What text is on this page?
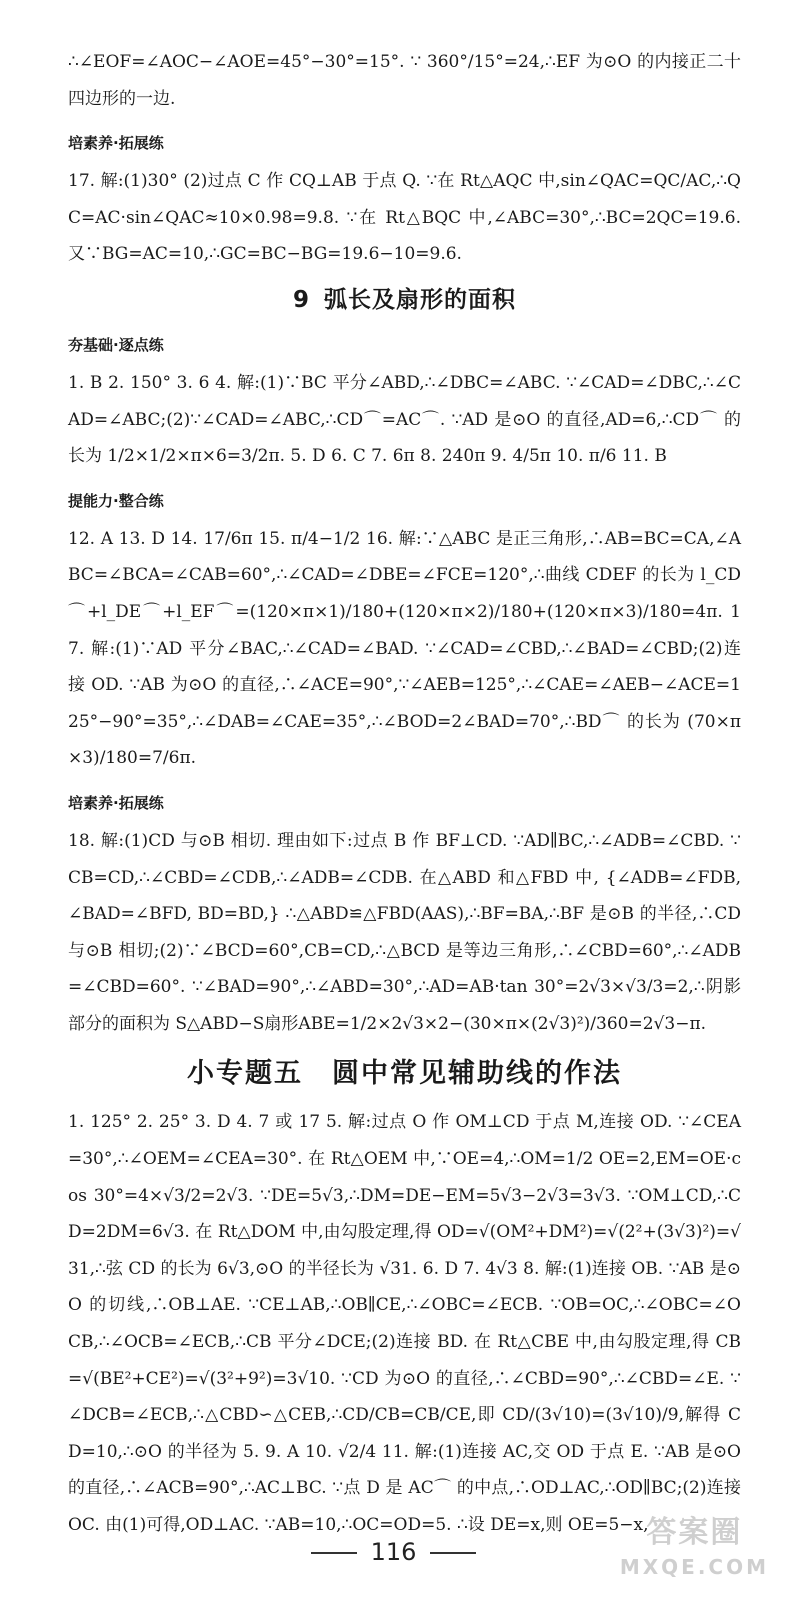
∴∠EOF=∠AOC−∠AOE=45°−30°=15°. ∵ 360°/15°=24,∴EF 为⊙O 的内接正二十四边形的一边.

培素养·拓展练

17. 解:(1)30° (2)过点 C 作 CQ⊥AB 于点 Q. ∵在 Rt△AQC 中,sin∠QAC=QC/AC,∴QC=AC·sin∠QAC≈10×0.98=9.8. ∵在 Rt△BQC 中,∠ABC=30°,∴BC=2QC=19.6. 又∵BG=AC=10,∴GC=BC−BG=19.6−10=9.6.

9 弧长及扇形的面积
夯基础·逐点练

1. B 2. 150° 3. 6 4. 解:(1)∵BC 平分∠ABD,∴∠DBC=∠ABC. ∵∠CAD=∠DBC,∴∠CAD=∠ABC;(2)∵∠CAD=∠ABC,∴CD⌒=AC⌒. ∵AD 是⊙O 的直径,AD=6,∴CD⌒ 的长为 1/2×1/2×π×6=3/2π. 5. D 6. C 7. 6π 8. 240π 9. 4/5π 10. π/6 11. B

提能力·整合练

12. A 13. D 14. 17/6π 15. π/4−1/2 16. 解:∵△ABC 是正三角形,∴AB=BC=CA,∠ABC=∠BCA=∠CAB=60°,∴∠CAD=∠DBE=∠FCE=120°,∴曲线 CDEF 的长为 l_CD⌒+l_DE⌒+l_EF⌒=(120×π×1)/180+(120×π×2)/180+(120×π×3)/180=4π. 17. 解:(1)∵AD 平分∠BAC,∴∠CAD=∠BAD. ∵∠CAD=∠CBD,∴∠BAD=∠CBD;(2)连接 OD. ∵AB 为⊙O 的直径,∴∠ACE=90°,∵∠AEB=125°,∴∠CAE=∠AEB−∠ACE=125°−90°=35°,∴∠DAB=∠CAE=35°,∴∠BOD=2∠BAD=70°,∴BD⌒ 的长为 (70×π×3)/180=7/6π.

培素养·拓展练

18. 解:(1)CD 与⊙B 相切. 理由如下:过点 B 作 BF⊥CD. ∵AD∥BC,∴∠ADB=∠CBD. ∵CB=CD,∴∠CBD=∠CDB,∴∠ADB=∠CDB. 在△ABD 和△FBD 中, {∠ADB=∠FDB, ∠BAD=∠BFD, BD=BD,} ∴△ABD≌△FBD(AAS),∴BF=BA,∴BF 是⊙B 的半径,∴CD 与⊙B 相切;(2)∵∠BCD=60°,CB=CD,∴△BCD 是等边三角形,∴∠CBD=60°,∴∠ADB=∠CBD=60°. ∵∠BAD=90°,∴∠ABD=30°,∴AD=AB·tan 30°=2√3×√3/3=2,∴阴影部分的面积为 S△ABD−S扇形ABE=1/2×2√3×2−(30×π×(2√3)²)/360=2√3−π.

小专题五　圆中常见辅助线的作法

1. 125° 2. 25° 3. D 4. 7 或 17 5. 解:过点 O 作 OM⊥CD 于点 M,连接 OD. ∵∠CEA=30°,∴∠OEM=∠CEA=30°. 在 Rt△OEM 中,∵OE=4,∴OM=1/2 OE=2,EM=OE·cos 30°=4×√3/2=2√3. ∵DE=5√3,∴DM=DE−EM=5√3−2√3=3√3. ∵OM⊥CD,∴CD=2DM=6√3. 在 Rt△DOM 中,由勾股定理,得 OD=√(OM²+DM²)=√(2²+(3√3)²)=√31,∴弦 CD 的长为 6√3,⊙O 的半径长为 √31. 6. D 7. 4√3 8. 解:(1)连接 OB. ∵AB 是⊙O 的切线,∴OB⊥AE. ∵CE⊥AB,∴OB∥CE,∴∠OBC=∠ECB. ∵OB=OC,∴∠OBC=∠OCB,∴∠OCB=∠ECB,∴CB 平分∠DCE;(2)连接 BD. 在 Rt△CBE 中,由勾股定理,得 CB=√(BE²+CE²)=√(3²+9²)=3√10. ∵CD 为⊙O 的直径,∴∠CBD=90°,∴∠CBD=∠E. ∵∠DCB=∠ECB,∴△CBD∽△CEB,∴CD/CB=CB/CE,即 CD/(3√10)=(3√10)/9,解得 CD=10,∴⊙O 的半径为 5. 9. A 10. √2/4 11. 解:(1)连接 AC,交 OD 于点 E. ∵AB 是⊙O 的直径,∴∠ACB=90°,∴AC⊥BC. ∵点 D 是 AC⌒ 的中点,∴OD⊥AC,∴OD∥BC;(2)连接 OC. 由(1)可得,OD⊥AC. ∵AB=10,∴OC=OD=5. ∴设 DE=x,则 OE=5−x,

116
答案圈
MXQE.COM
